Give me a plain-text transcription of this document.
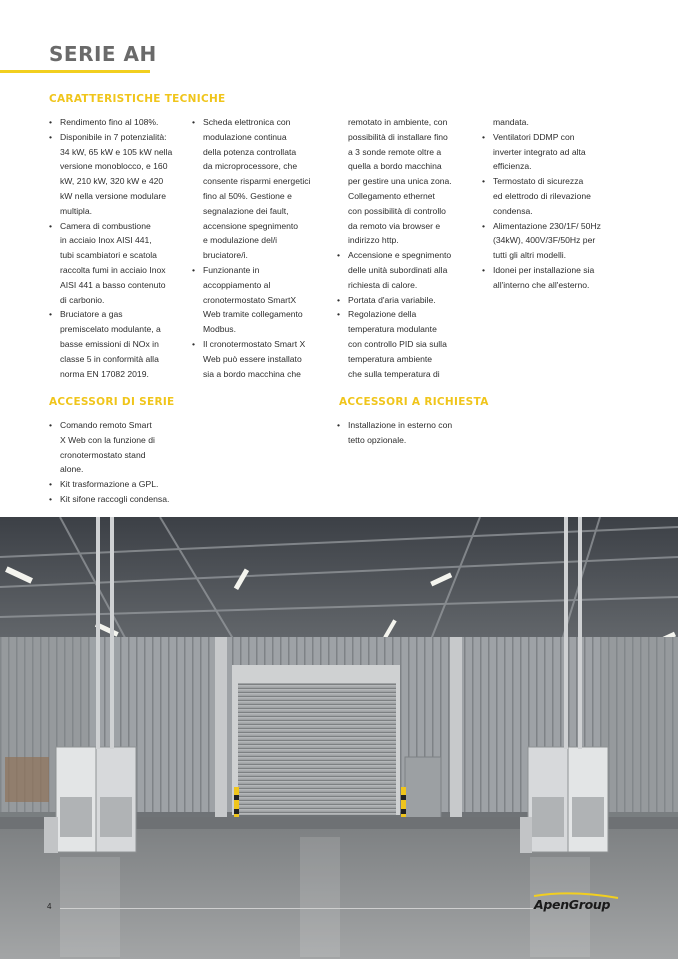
SERIE AH
CARATTERISTICHE TECNICHE
• Rendimento fino al 108%.
• Disponibile in 7 potenzialità:
34 kW, 65 kW e 105 kW nella
versione monoblocco, e 160
kW, 210 kW, 320 kW e 420
kW nella versione modulare
multipla.
• Camera di combustione
in acciaio Inox AISI 441,
tubi scambiatori e scatola
raccolta fumi in acciaio Inox
AISI 441 a basso contenuto
di carbonio.
• Bruciatore a gas
premiscelato modulante, a
basse emissioni di NOx in
classe 5 in conformità alla
norma EN 17082 2019.
• Scheda elettronica con
modulazione continua
della potenza controllata
da microprocessore, che
consente risparmi energetici
fino al 50%. Gestione e
segnalazione dei fault,
accensione spegnimento
e modulazione del/i
bruciatore/i.
• Funzionante in
accoppiamento al
cronotermostato SmartX
Web tramite collegamento
Modbus.
• Il cronotermostato Smart X
Web può essere installato
sia a bordo macchina che
remotato in ambiente, con
possibilità di installare fino
a 3 sonde remote oltre a
quella a bordo macchina
per gestire una unica zona.
Collegamento ethernet
con possibilità di controllo
da remoto via browser e
indirizzo http.
• Accensione e spegnimento
delle unità subordinati alla
richiesta di calore.
• Portata d'aria variabile.
• Regolazione della
temperatura modulante
con controllo PID sia sulla
temperatura ambiente
che sulla temperatura di
mandata.
• Ventilatori DDMP con
inverter integrato ad alta
efficienza.
• Termostato di sicurezza
ed elettrodo di rilevazione
condensa.
• Alimentazione 230/1F/ 50Hz
(34kW), 400V/3F/50Hz per
tutti gli altri modelli.
• Idonei per installazione sia
all'interno che all'esterno.
ACCESSORI DI SERIE
• Comando remoto Smart
X Web con la funzione di
cronotermostato stand
alone.
• Kit trasformazione a GPL.
• Kit sifone raccogli condensa.
ACCESSORI A RICHIESTA
• Installazione in esterno con
tetto opzionale.
4	ApenGroup
